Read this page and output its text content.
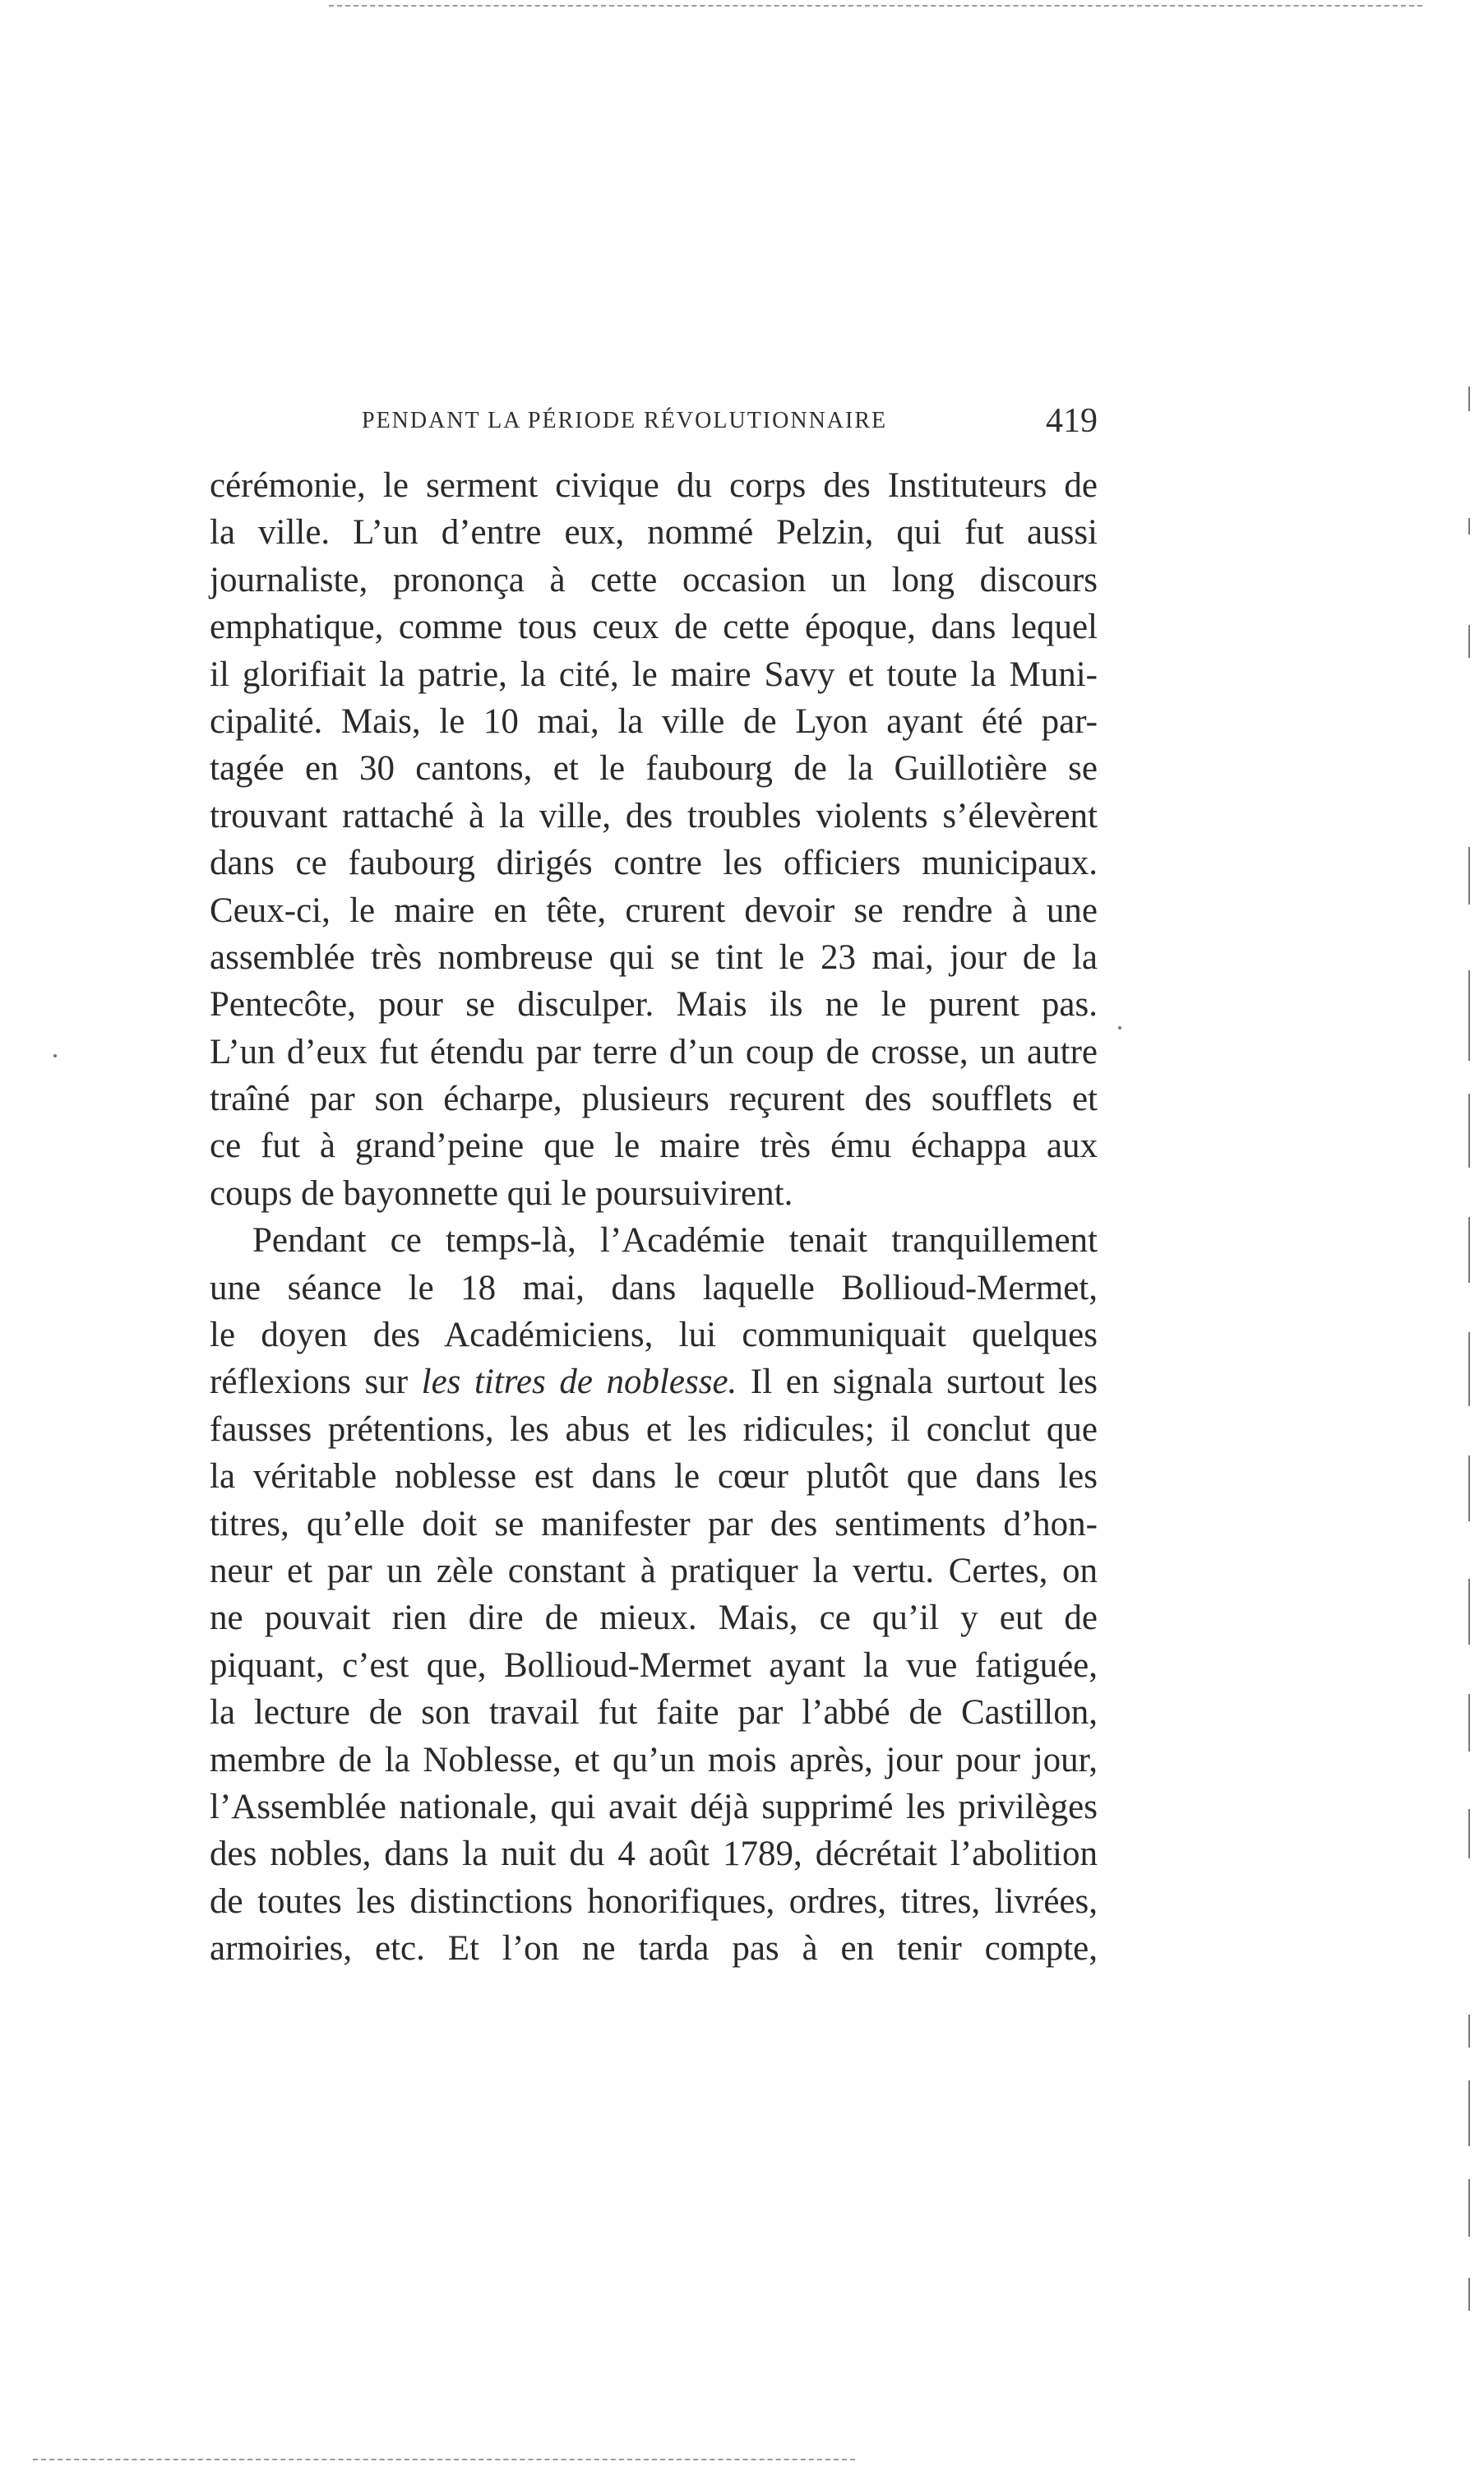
PENDANT LA PÉRIODE RÉVOLUTIONNAIRE	419
cérémonie, le serment civique du corps des Instituteurs de
la ville. L’un d’entre eux, nommé Pelzin, qui fut aussi
journaliste, prononça à cette occasion un long discours
emphatique, comme tous ceux de cette époque, dans lequel
il glorifiait la patrie, la cité, le maire Savy et toute la Muni-
cipalité. Mais, le 10 mai, la ville de Lyon ayant été par-
tagée en 30 cantons, et le faubourg de la Guillotière se
trouvant rattaché à la ville, des troubles violents s’élevèrent
dans ce faubourg dirigés contre les officiers municipaux.
Ceux-ci, le maire en tête, crurent devoir se rendre à une
assemblée très nombreuse qui se tint le 23 mai, jour de la
Pentecôte, pour se disculper. Mais ils ne le purent pas.
L’un d’eux fut étendu par terre d’un coup de crosse, un autre
traîné par son écharpe, plusieurs reçurent des soufflets et
ce fut à grand’peine que le maire très ému échappa aux
coups de bayonnette qui le poursuivirent.
Pendant ce temps-là, l’Académie tenait tranquillement
une séance le 18 mai, dans laquelle Bollioud-Mermet,
le doyen des Académiciens, lui communiquait quelques
réflexions sur les titres de noblesse. Il en signala surtout les
fausses prétentions, les abus et les ridicules; il conclut que
la véritable noblesse est dans le cœur plutôt que dans les
titres, qu’elle doit se manifester par des sentiments d’hon-
neur et par un zèle constant à pratiquer la vertu. Certes, on
ne pouvait rien dire de mieux. Mais, ce qu’il y eut de
piquant, c’est que, Bollioud-Mermet ayant la vue fatiguée,
la lecture de son travail fut faite par l’abbé de Castillon,
membre de la Noblesse, et qu’un mois après, jour pour jour,
l’Assemblée nationale, qui avait déjà supprimé les privilèges
des nobles, dans la nuit du 4 août 1789, décrétait l’abolition
de toutes les distinctions honorifiques, ordres, titres, livrées,
armoiries, etc. Et l’on ne tarda pas à en tenir compte,
